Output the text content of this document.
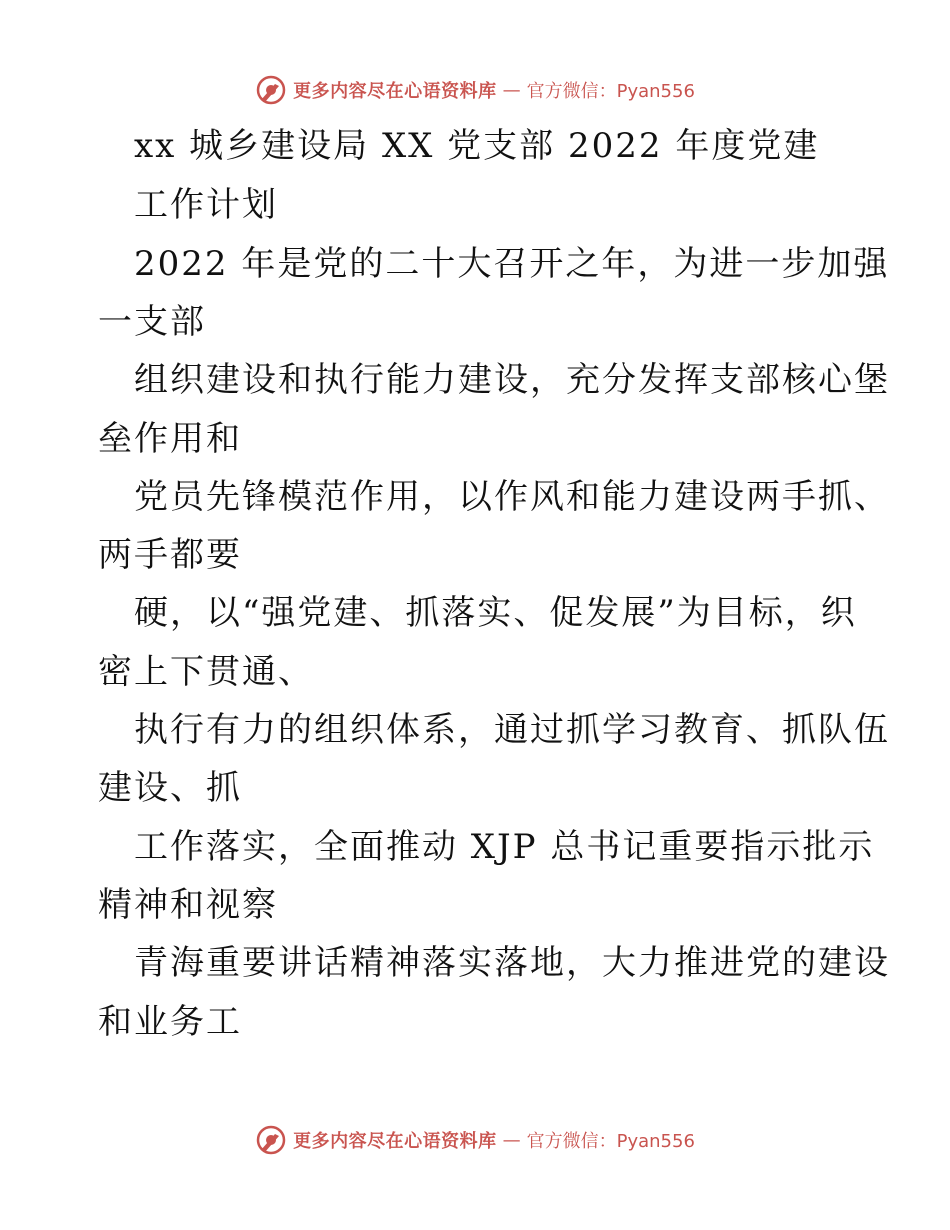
更多内容尽在心语资料库 — 官方微信：Pyan556
xx 城乡建设局 XX 党支部 2022 年度党建
工作计划
2022 年是党的二十大召开之年，为进一步加强
一支部
组织建设和执行能力建设，充分发挥支部核心堡
垒作用和
党员先锋模范作用，以作风和能力建设两手抓、
两手都要
硬，以“强党建、抓落实、促发展”为目标，织
密上下贯通、
执行有力的组织体系，通过抓学习教育、抓队伍
建设、抓
工作落实，全面推动 XJP 总书记重要指示批示
精神和视察
青海重要讲话精神落实落地，大力推进党的建设
和业务工
更多内容尽在心语资料库 — 官方微信：Pyan556
